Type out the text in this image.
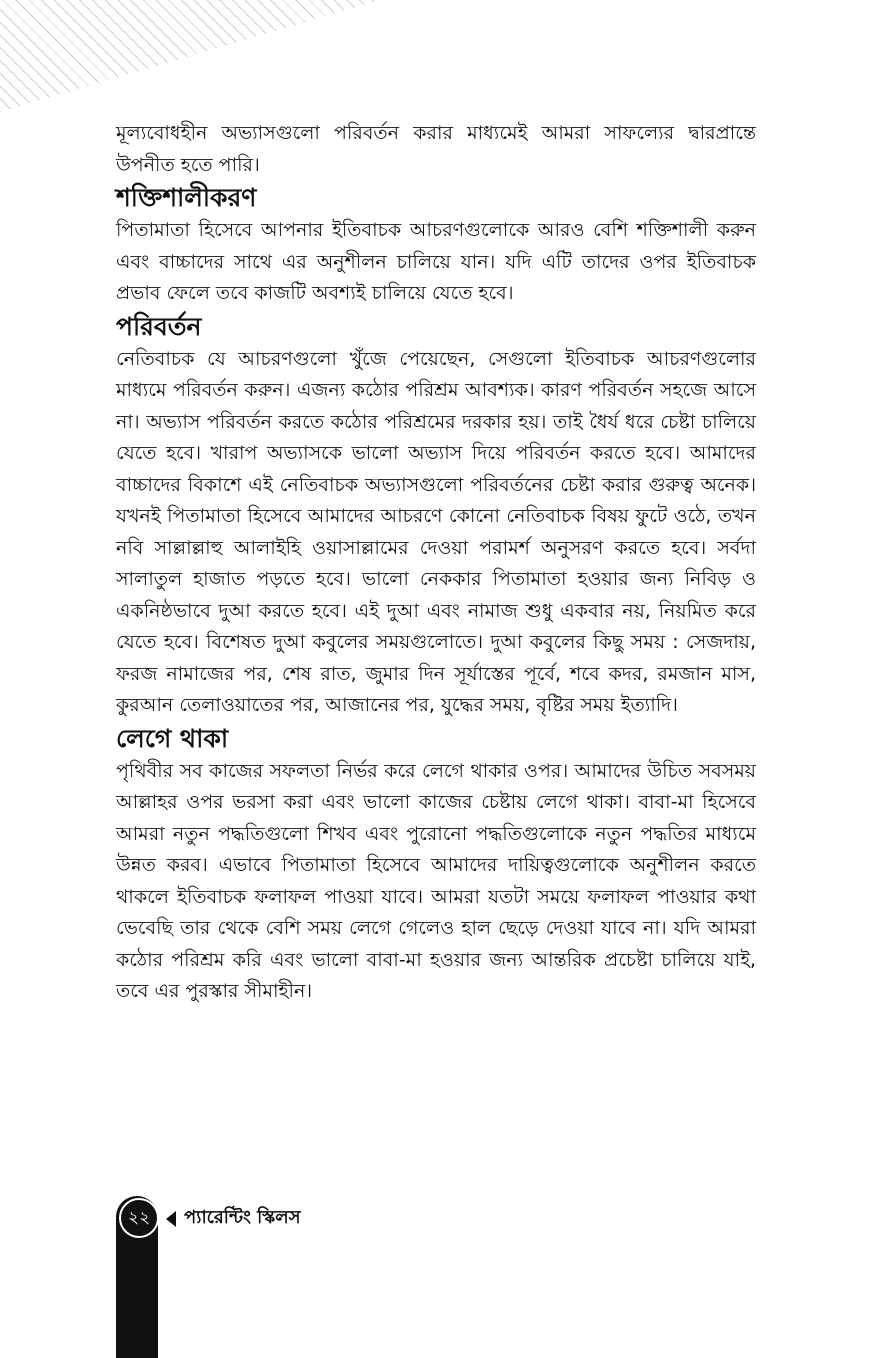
মূল্যবোধহীন অভ্যাসগুলো পরিবর্তন করার মাধ্যমেই আমরা সাফল্যের দ্বারপ্রান্তে উপনীত হতে পারি।

শক্তিশালীকরণ

পিতামাতা হিসেবে আপনার ইতিবাচক আচরণগুলোকে আরও বেশি শক্তিশালী করুন এবং বাচ্চাদের সাথে এর অনুশীলন চালিয়ে যান। যদি এটি তাদের ওপর ইতিবাচক প্রভাব ফেলে তবে কাজটি অবশ্যই চালিয়ে যেতে হবে।

পরিবর্তন

নেতিবাচক যে আচরণগুলো খুঁজে পেয়েছেন, সেগুলো ইতিবাচক আচরণগুলোর মাধ্যমে পরিবর্তন করুন। এজন্য কঠোর পরিশ্রম আবশ্যক। কারণ পরিবর্তন সহজে আসে না। অভ্যাস পরিবর্তন করতে কঠোর পরিশ্রমের দরকার হয়। তাই ধৈর্য ধরে চেষ্টা চালিয়ে যেতে হবে। খারাপ অভ্যাসকে ভালো অভ্যাস দিয়ে পরিবর্তন করতে হবে। আমাদের বাচ্চাদের বিকাশে এই নেতিবাচক অভ্যাসগুলো পরিবর্তনের চেষ্টা করার গুরুত্ব অনেক। যখনই পিতামাতা হিসেবে আমাদের আচরণে কোনো নেতিবাচক বিষয় ফুটে ওঠে, তখন নবি সাল্লাল্লাহু আলাইহি ওয়াসাল্লামের দেওয়া পরামর্শ অনুসরণ করতে হবে। সর্বদা সালাতুল হাজাত পড়তে হবে। ভালো নেককার পিতামাতা হওয়ার জন্য নিবিড় ও একনিষ্ঠভাবে দুআ করতে হবে। এই দুআ এবং নামাজ শুধু একবার নয়, নিয়মিত করে যেতে হবে। বিশেষত দুআ কবুলের সময়গুলোতে। দুআ কবুলের কিছু সময় : সেজদায়, ফরজ নামাজের পর, শেষ রাত, জুমার দিন সূর্যাস্তের পূর্বে, শবে কদর, রমজান মাস, কুরআন তেলাওয়াতের পর, আজানের পর, যুদ্ধের সময়, বৃষ্টির সময় ইত্যাদি।

লেগে থাকা

পৃথিবীর সব কাজের সফলতা নির্ভর করে লেগে থাকার ওপর। আমাদের উচিত সবসময় আল্লাহর ওপর ভরসা করা এবং ভালো কাজের চেষ্টায় লেগে থাকা। বাবা-মা হিসেবে আমরা নতুন পদ্ধতিগুলো শিখব এবং পুরোনো পদ্ধতিগুলোকে নতুন পদ্ধতির মাধ্যমে উন্নত করব। এভাবে পিতামাতা হিসেবে আমাদের দায়িত্বগুলোকে অনুশীলন করতে থাকলে ইতিবাচক ফলাফল পাওয়া যাবে। আমরা যতটা সময়ে ফলাফল পাওয়ার কথা ভেবেছি তার থেকে বেশি সময় লেগে গেলেও হাল ছেড়ে দেওয়া যাবে না। যদি আমরা কঠোর পরিশ্রম করি এবং ভালো বাবা-মা হওয়ার জন্য আন্তরিক প্রচেষ্টা চালিয়ে যাই, তবে এর পুরস্কার সীমাহীন।

২২	প্যারেন্টিং স্কিলস
